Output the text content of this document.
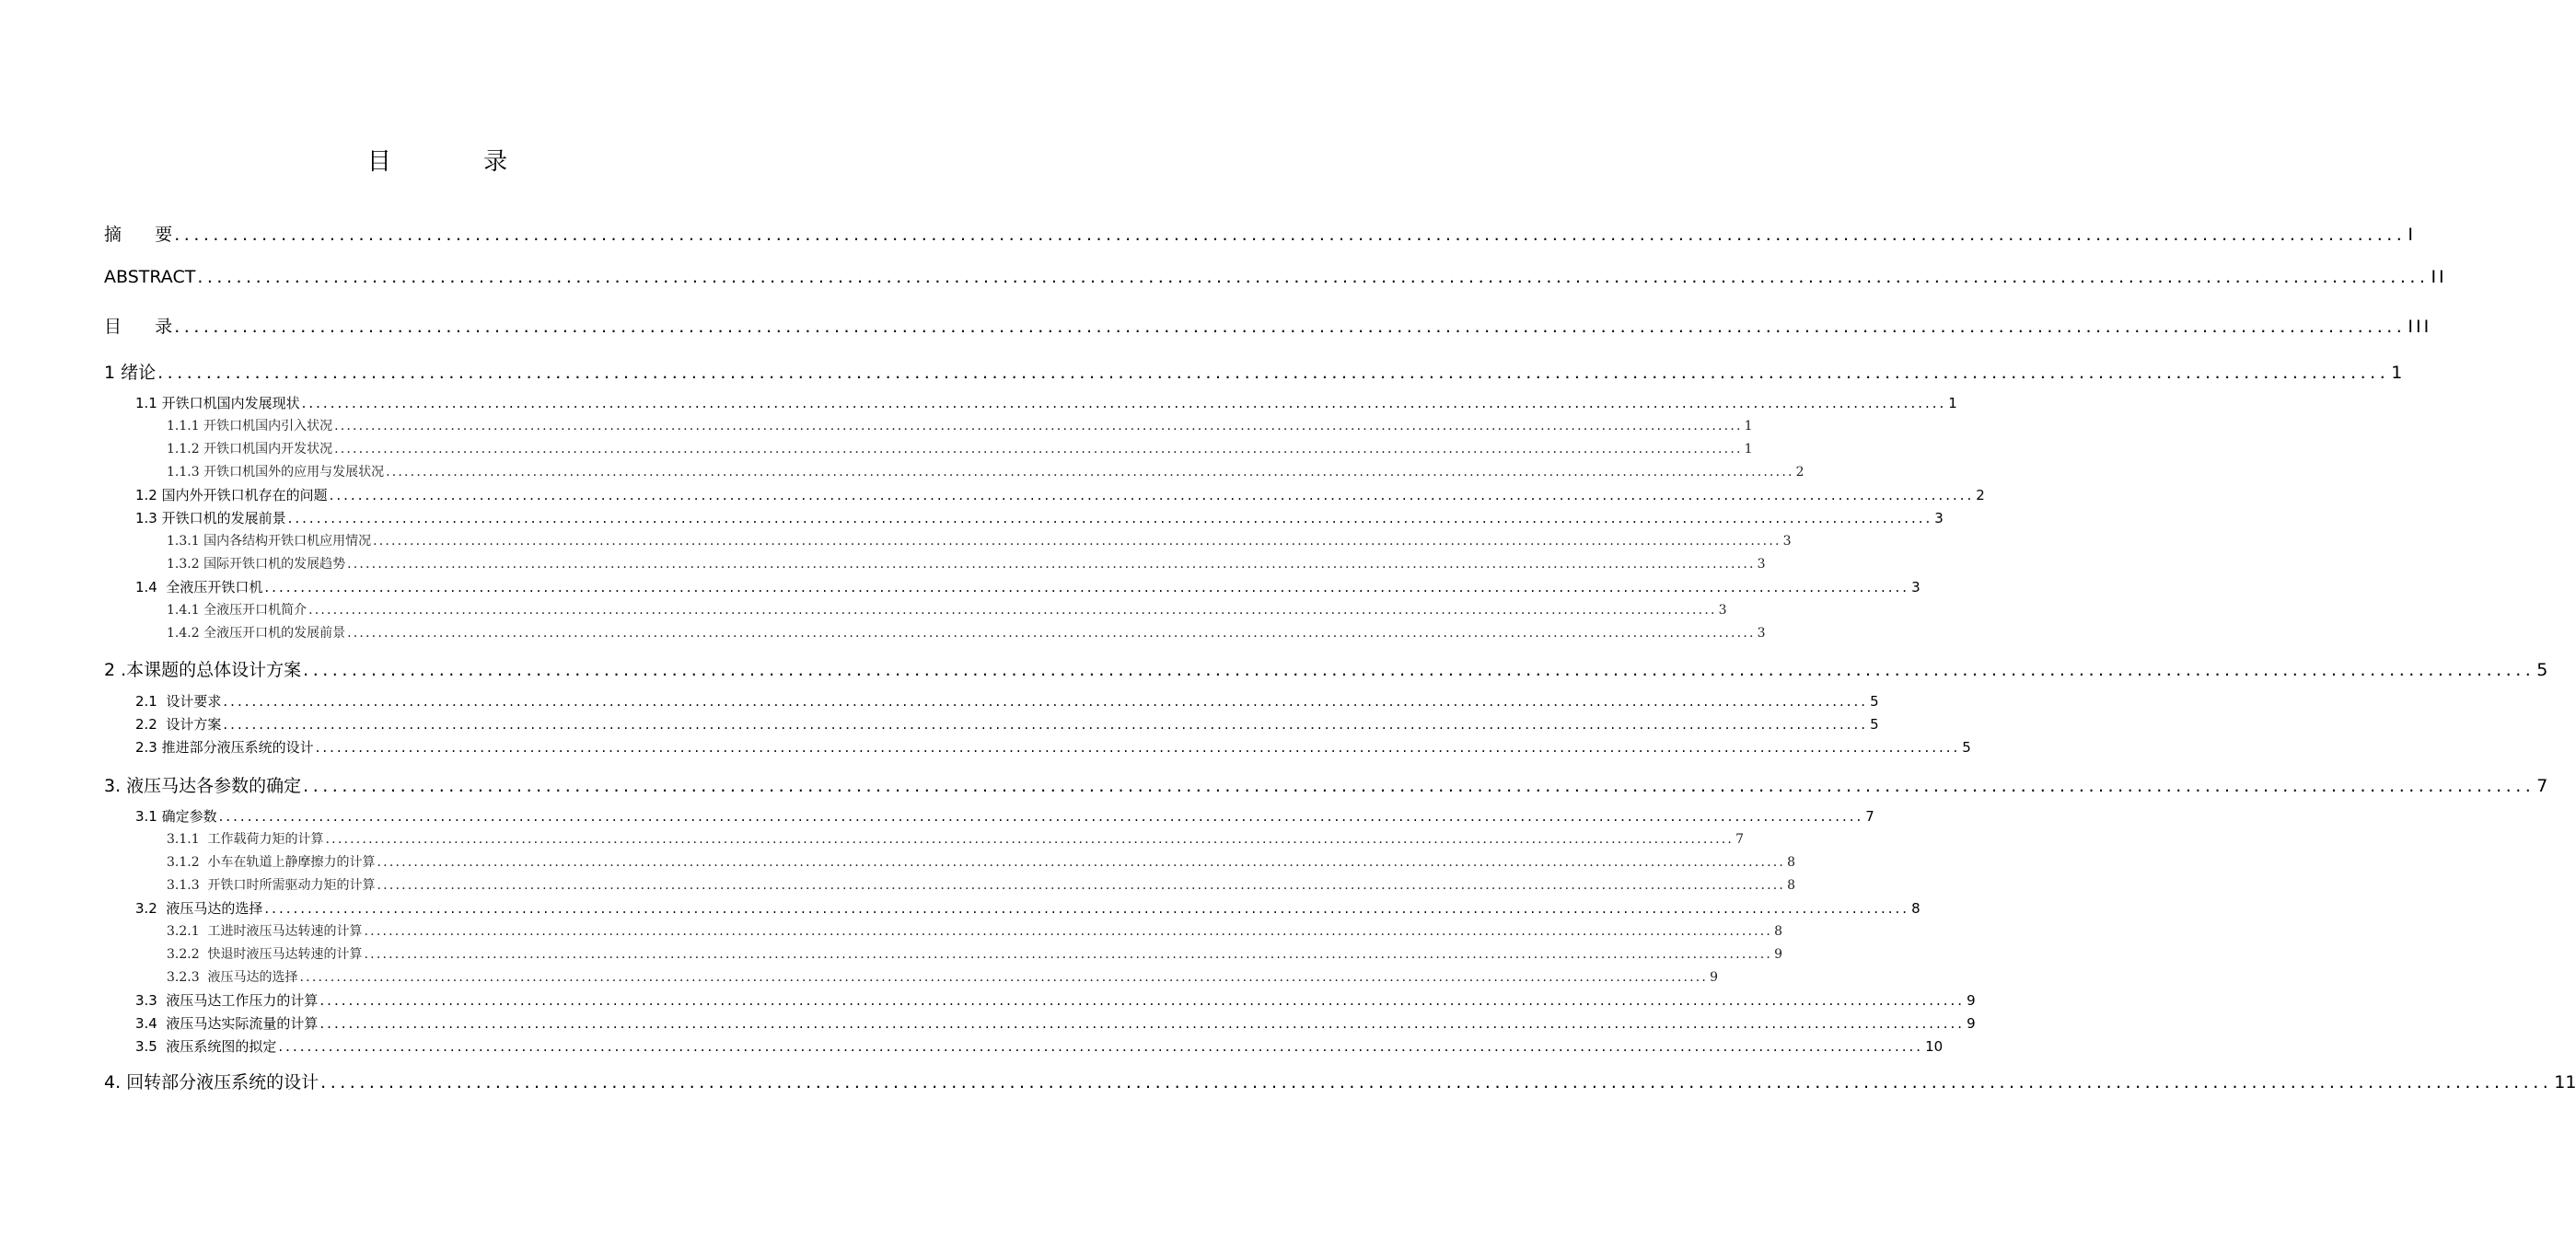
目 录
摘      要 ...................................................................................................................................................................................................................................... I
ABSTRACT ...................................................................................................................................................................................................................................... II
目      录 ...................................................................................................................................................................................................................................... III
1 绪论 ...................................................................................................................................................................................................................................... 1
1.1 开铁口机国内发展现状 ...................................................................................................................................................................................................................................... 1
1.1.1 开铁口机国内引入状况 ...................................................................................................................................................................................................................................... 1
1.1.2 开铁口机国内开发状况 ...................................................................................................................................................................................................................................... 1
1.1.3 开铁口机国外的应用与发展状况 ...................................................................................................................................................................................................................................... 2
1.2 国内外开铁口机存在的问题 ...................................................................................................................................................................................................................................... 2
1.3 开铁口机的发展前景 ...................................................................................................................................................................................................................................... 3
1.3.1 国内各结构开铁口机应用情况 ...................................................................................................................................................................................................................................... 3
1.3.2 国际开铁口机的发展趋势 ...................................................................................................................................................................................................................................... 3
1.4  全液压开铁口机 ...................................................................................................................................................................................................................................... 3
1.4.1 全液压开口机简介 ...................................................................................................................................................................................................................................... 3
1.4.2 全液压开口机的发展前景 ...................................................................................................................................................................................................................................... 3
2 .本课题的总体设计方案 ...................................................................................................................................................................................................................................... 5
2.1  设计要求 ...................................................................................................................................................................................................................................... 5
2.2  设计方案 ...................................................................................................................................................................................................................................... 5
2.3 推进部分液压系统的设计 ...................................................................................................................................................................................................................................... 5
3. 液压马达各参数的确定 ...................................................................................................................................................................................................................................... 7
3.1 确定参数 ...................................................................................................................................................................................................................................... 7
3.1.1  工作载荷力矩的计算 ...................................................................................................................................................................................................................................... 7
3.1.2  小车在轨道上静摩擦力的计算 ...................................................................................................................................................................................................................................... 8
3.1.3  开铁口时所需驱动力矩的计算 ...................................................................................................................................................................................................................................... 8
3.2  液压马达的选择 ...................................................................................................................................................................................................................................... 8
3.2.1  工进时液压马达转速的计算 ...................................................................................................................................................................................................................................... 8
3.2.2  快退时液压马达转速的计算 ...................................................................................................................................................................................................................................... 9
3.2.3  液压马达的选择 ...................................................................................................................................................................................................................................... 9
3.3  液压马达工作压力的计算 ...................................................................................................................................................................................................................................... 9
3.4  液压马达实际流量的计算 ...................................................................................................................................................................................................................................... 9
3.5  液压系统图的拟定 ...................................................................................................................................................................................................................................... 10
4. 回转部分液压系统的设计 ...................................................................................................................................................................................................................................... 11
